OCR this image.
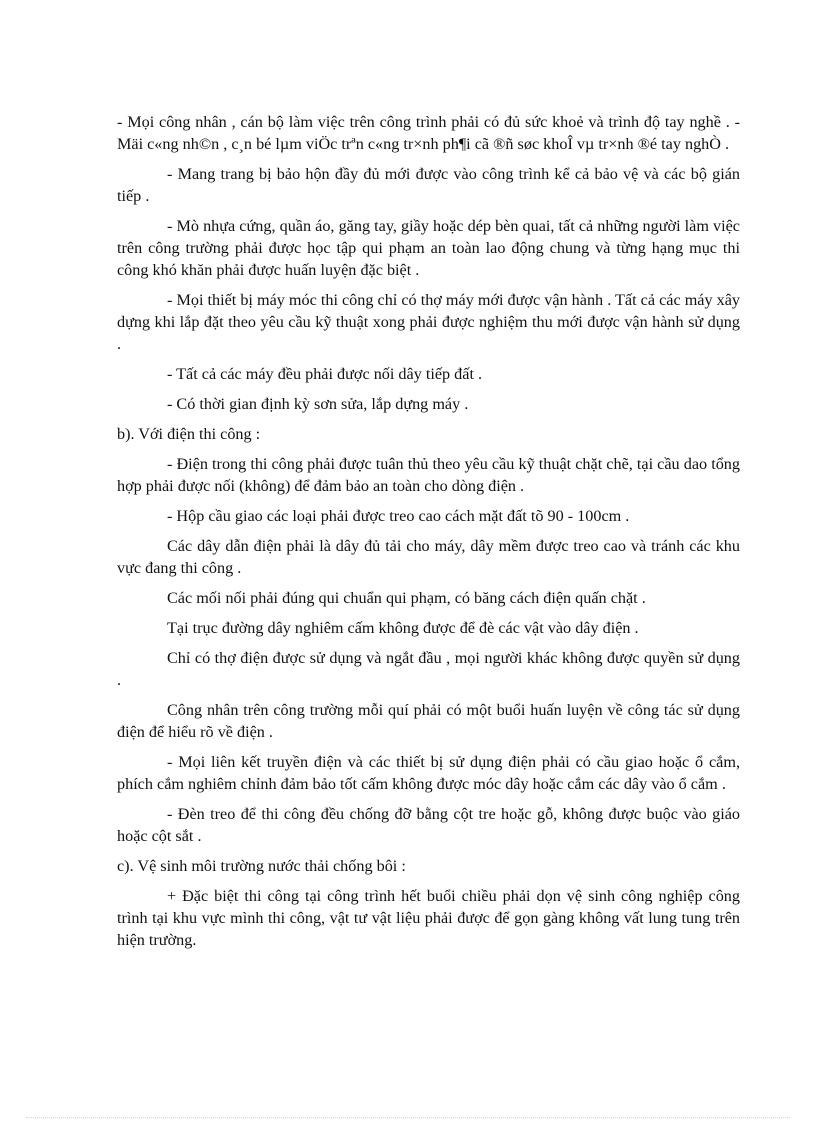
- Mọi công nhân , cán bộ làm việc trên công trình phải có đủ sức khoẻ và trình độ tay nghề . - Mäi c«ng nh©n , c¸n bé lµm viÖc trªn c«ng tr×nh ph¶i cã ®ñ søc khoÎ vµ tr×nh ®é tay nghÒ .

- Mang trang bị bảo hộn đầy đủ mới được vào công trình kể cả bảo vệ và các bộ gián tiếp .

- Mò nhựa cứng, quần áo, găng tay, giầy hoặc dép bèn quai, tất cả những người làm việc trên công trường phải được học tập qui phạm an toàn lao động chung và từng hạng mục thi công khó khăn phải được huấn luyện đặc biệt .

- Mọi thiết bị máy móc thi công chỉ có thợ máy mới được vận hành . Tất cả các máy xây dựng khi lắp đặt theo yêu cầu kỹ thuật xong phải được nghiệm thu mới được vận hành sử dụng .

- Tất cả các máy đều phải được nối dây tiếp đất .

- Có thời gian định kỳ sơn sửa, lắp dựng máy .

b). Với điện thi công :

- Điện trong thi công phải được tuân thủ theo yêu cầu kỹ thuật chặt chẽ, tại cầu dao tổng hợp phải được nối (không) để đảm bảo an toàn cho dòng điện .

- Hộp cầu giao các loại phải được treo cao cách mặt đất tõ 90 - 100cm .

Các dây dẫn điện phải là dây đủ tải cho máy, dây mềm được treo cao và tránh các khu vực đang thi công .

Các mối nối phải đúng qui chuẩn qui phạm, có băng cách điện quấn chặt .

Tại trục đường dây nghiêm cấm không được để đè các vật vào dây điện .

Chỉ có thợ điện được sử dụng và ngắt đầu , mọi người khác không được quyền sử dụng .

Công nhân trên công trường mỗi quí phải có một buổi huấn luyện về công tác sử dụng điện để hiểu rõ về điện .

- Mọi liên kết truyền điện và các thiết bị sử dụng điện phải có cầu giao hoặc ổ cắm, phích cắm nghiêm chỉnh đảm bảo tốt cấm không được móc dây hoặc cắm các dây vào ổ cắm .

- Đèn treo để thi công đều chống đỡ bằng cột tre hoặc gỗ, không được buộc vào giáo hoặc cột sắt .

c). Vệ sinh môi trường nước thải chống bôi :

+ Đặc biệt thi công tại công trình hết buổi chiều phải dọn vệ sinh công nghiệp công trình tại khu vực mình thi công, vật tư vật liệu phải được để gọn gàng không vất lung tung trên hiện trường.
